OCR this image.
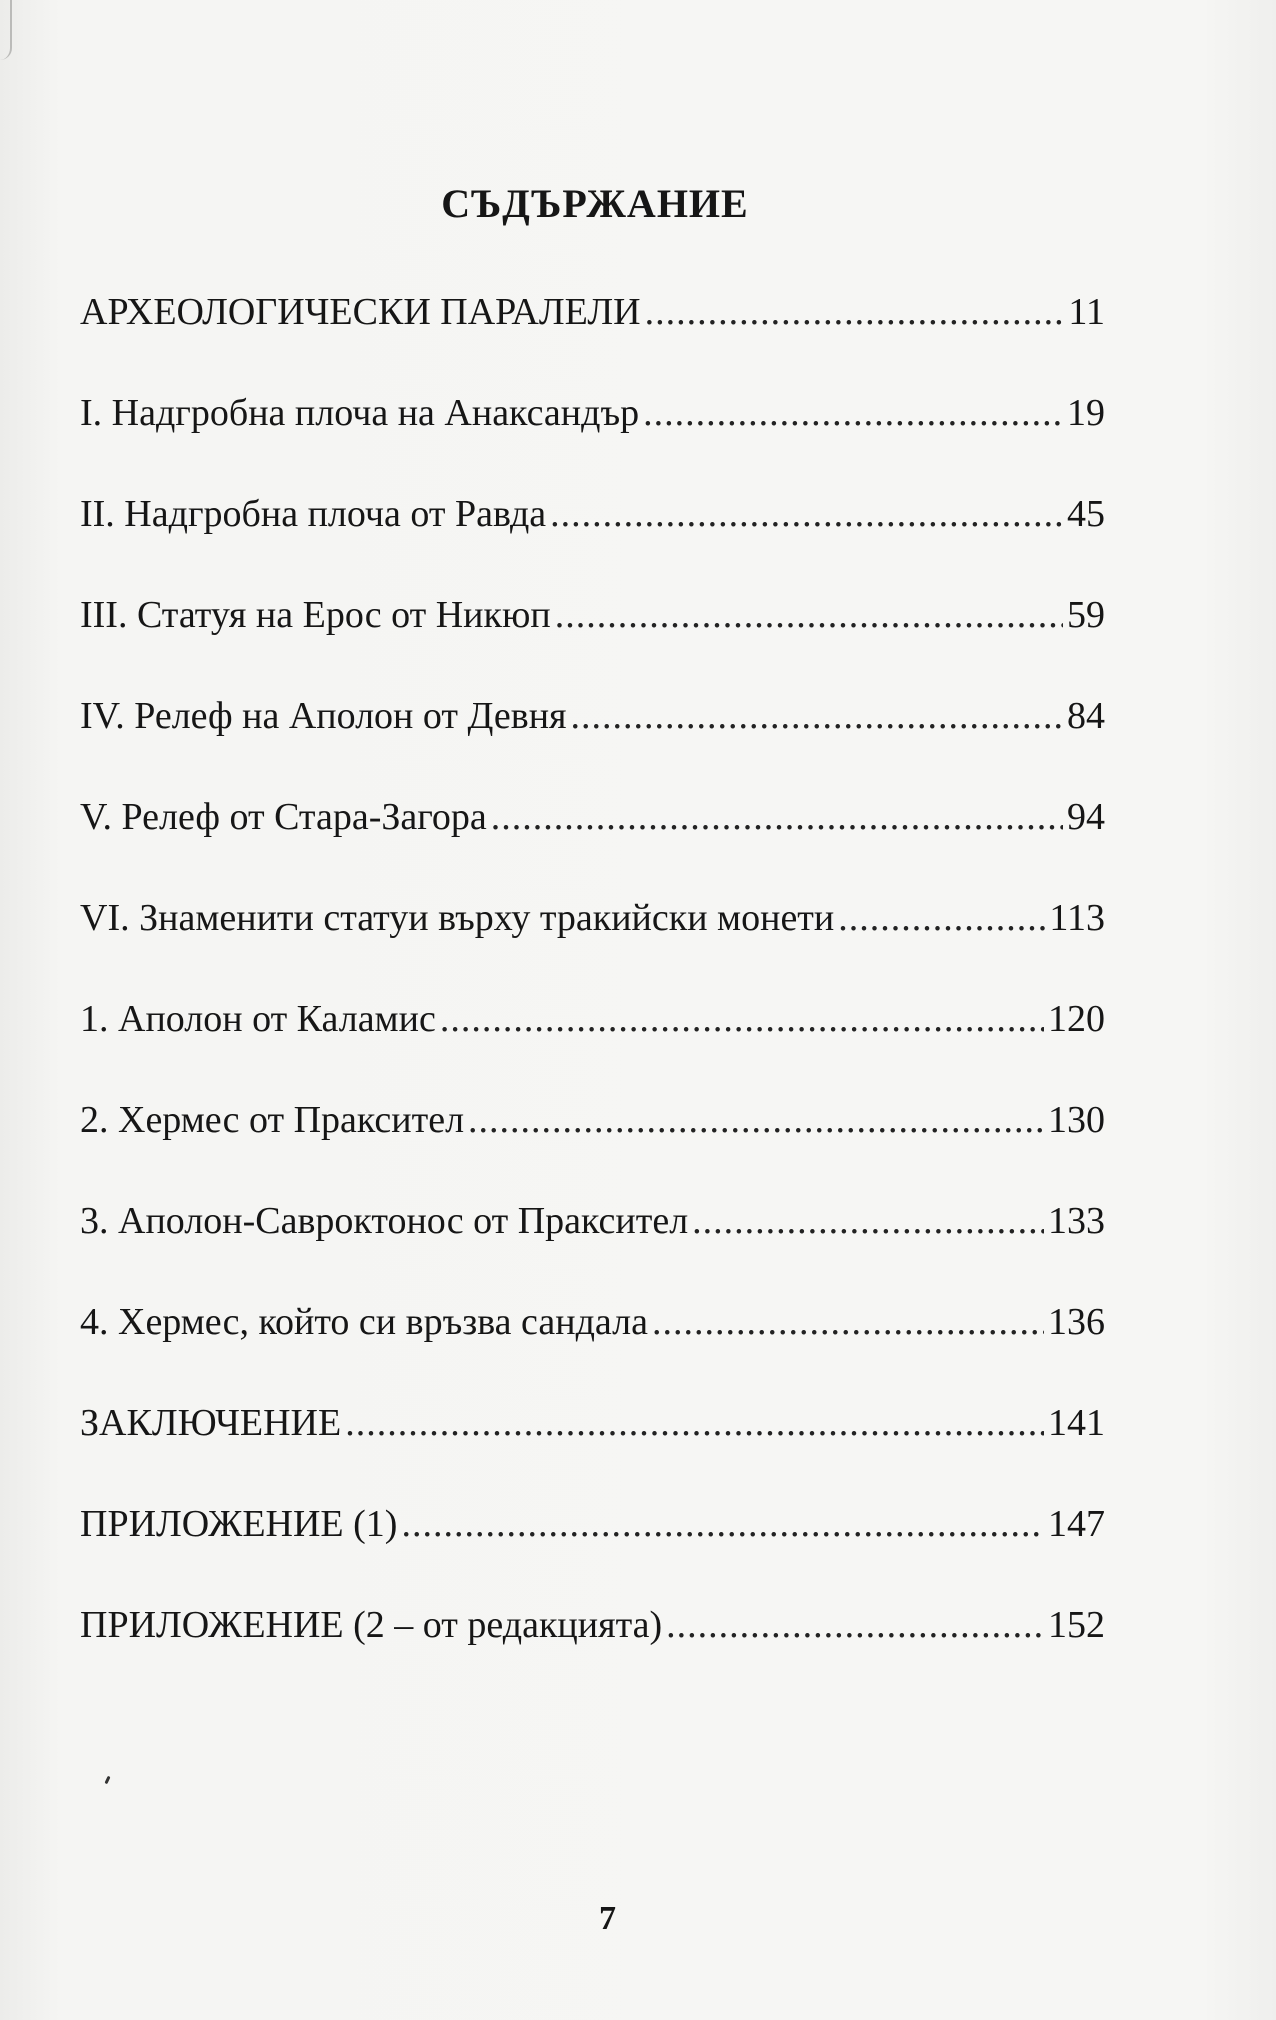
СЪДЪРЖАНИЕ
АРХЕОЛОГИЧЕСКИ ПАРАЛЕЛИ .....	11
I. Надгробна плоча на Анаксандър .....	19
II. Надгробна плоча от Равда .....	45
III. Статуя на Ерос от Никюп .....	59
IV. Релеф на Аполон от Девня .....	84
V. Релеф от Стара-Загора .....	94
VI. Знаменити статуи върху тракийски монети .....	113
1. Аполон от Каламис .....	120
2. Хермес от Праксител .....	130
3. Аполон-Савроктонос от Праксител .....	133
4. Хермес, който си връзва сандала .....	136
ЗАКЛЮЧЕНИЕ .....	141
ПРИЛОЖЕНИЕ (1) .....	147
ПРИЛОЖЕНИЕ (2 – от редакцията) .....	152
7
